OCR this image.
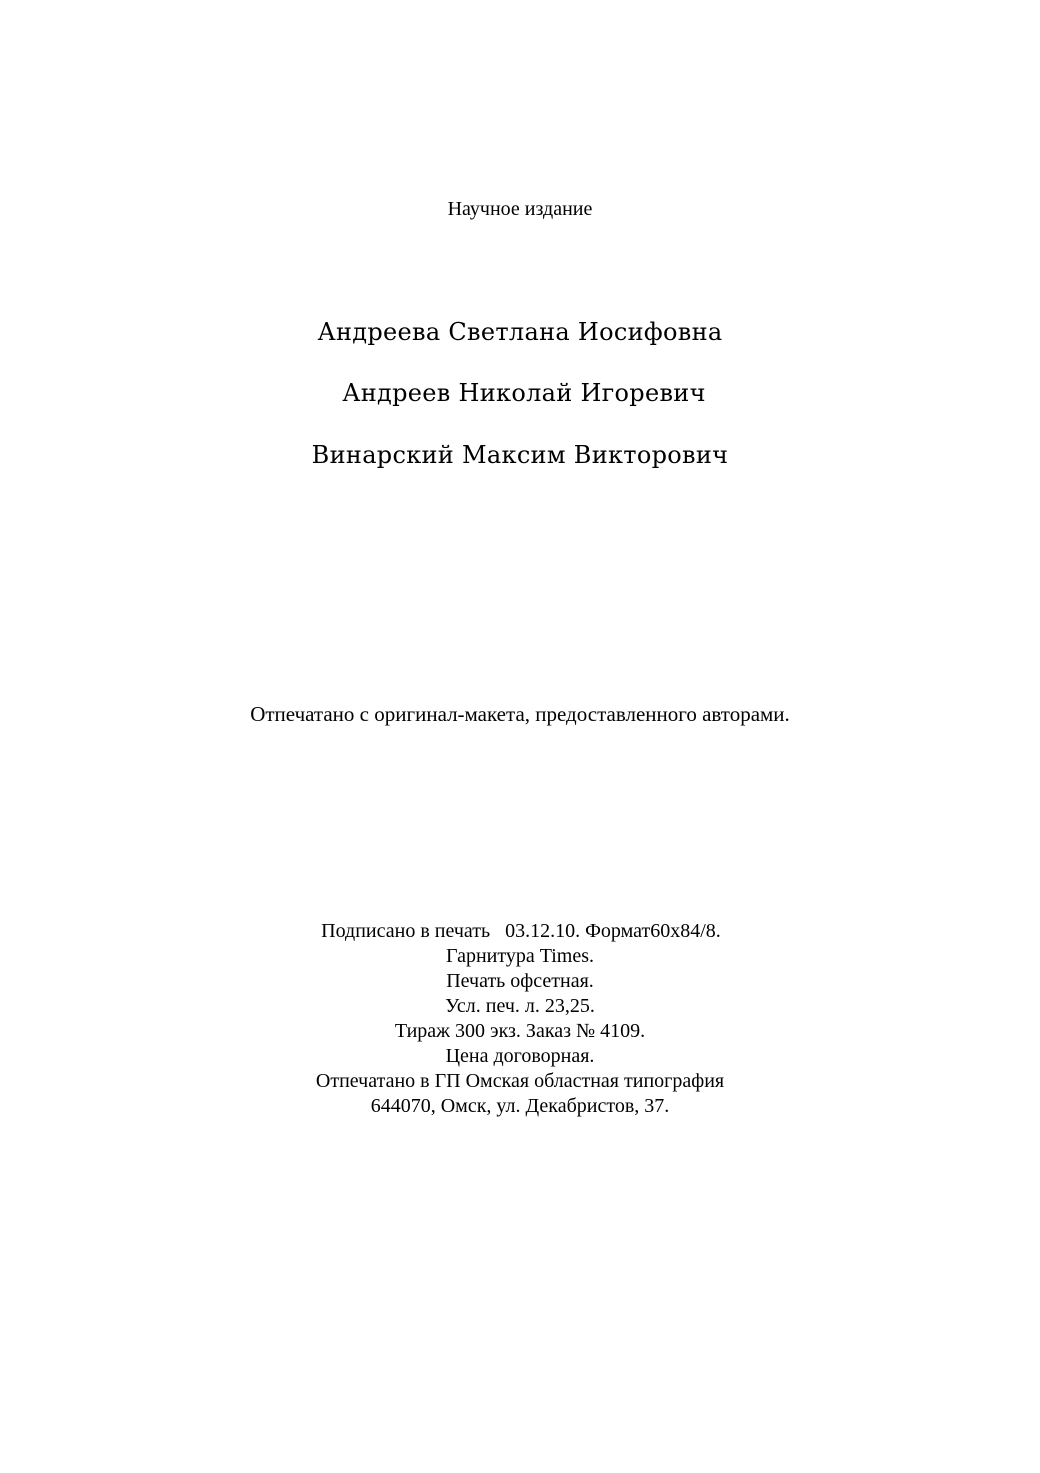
Научное издание
Андреева Светлана Иосифовна
Андреев Николай Игоревич
Винарский Максим Викторович
Отпечатано с оригинал-макета, предоставленного авторами.
Подписано в печать   03.12.10. Формат60х84/8.
Гарнитура Times.
Печать офсетная.
Усл. печ. л. 23,25.
Тираж 300 экз. Заказ № 4109.
Цена договорная.
Отпечатано в ГП Омская областная типография
644070, Омск, ул. Декабристов, 37.
